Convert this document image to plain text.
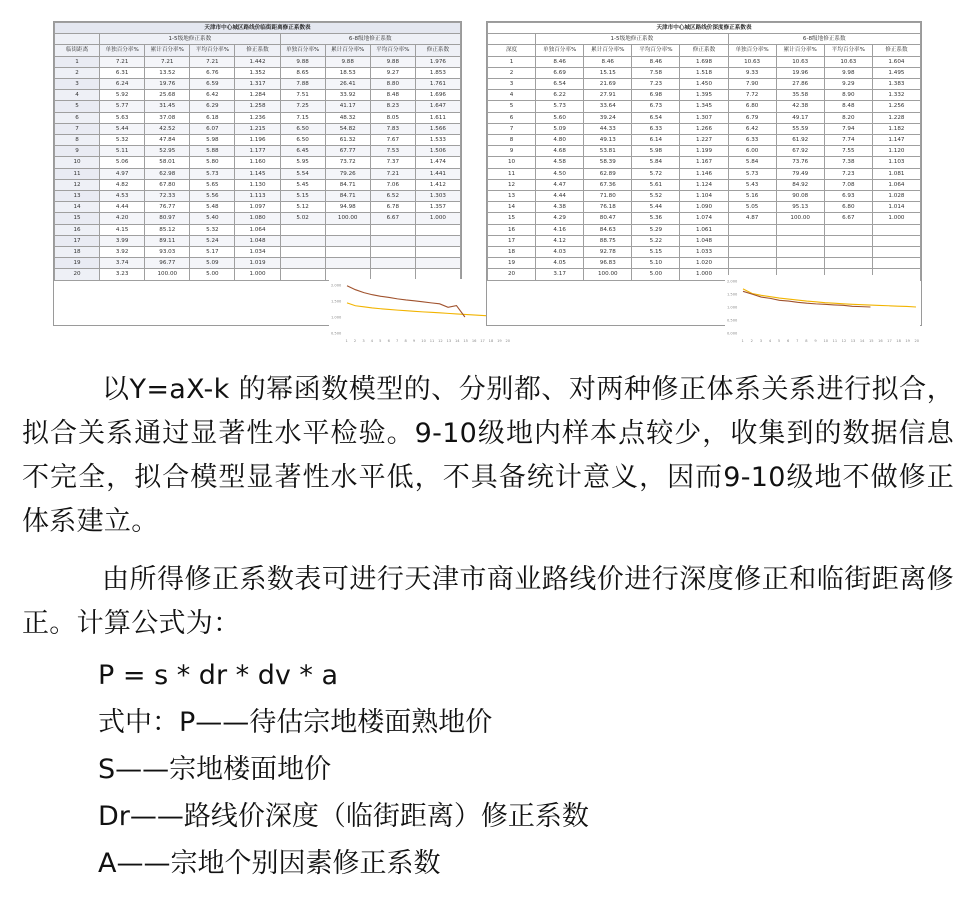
天津市中心城区路线价临街距离修正系数表								
	1-5级地修正系数				6-8级地修正系数			
临街距离	单独百分率%	累计百分率%	平均百分率%	修正系数	单独百分率%	累计百分率%	平均百分率%	修正系数
1	7.21	7.21	7.21	1.442	9.88	9.88	9.88	1.976
2	6.31	13.52	6.76	1.352	8.65	18.53	9.27	1.853
3	6.24	19.76	6.59	1.317	7.88	26.41	8.80	1.761
4	5.92	25.68	6.42	1.284	7.51	33.92	8.48	1.696
5	5.77	31.45	6.29	1.258	7.25	41.17	8.23	1.647
6	5.63	37.08	6.18	1.236	7.15	48.32	8.05	1.611
7	5.44	42.52	6.07	1.215	6.50	54.82	7.83	1.566
8	5.32	47.84	5.98	1.196	6.50	61.32	7.67	1.533
9	5.11	52.95	5.88	1.177	6.45	67.77	7.53	1.506
10	5.06	58.01	5.80	1.160	5.95	73.72	7.37	1.474
11	4.97	62.98	5.73	1.145	5.54	79.26	7.21	1.441
12	4.82	67.80	5.65	1.130	5.45	84.71	7.06	1.412
13	4.53	72.33	5.56	1.113	5.15	84.71	6.52	1.303
14	4.44	76.77	5.48	1.097	5.12	94.98	6.78	1.357
15	4.20	80.97	5.40	1.080	5.02	100.00	6.67	1.000
16	4.15	85.12	5.32	1.064				
17	3.99	89.11	5.24	1.048				
18	3.92	93.03	5.17	1.034				
19	3.74	96.77	5.09	1.019				
20	3.23	100.00	5.00	1.000				
2.000
1.500
1.000
0.500
1 2 3 4 5 6 7 8 9 10 11 12 13 14 15 16 17 18 19 20
天津市中心城区路线价深度修正系数表								
	1-5级地修正系数				6-8级地修正系数			
深度	单独百分率%	累计百分率%	平均百分率%	修正系数	单独百分率%	累计百分率%	平均百分率%	修正系数
1	8.46	8.46	8.46	1.698	10.63	10.63	10.63	1.604
2	6.69	15.15	7.58	1.518	9.33	19.96	9.98	1.495
3	6.54	21.69	7.23	1.450	7.90	27.86	9.29	1.383
4	6.22	27.91	6.98	1.395	7.72	35.58	8.90	1.332
5	5.73	33.64	6.73	1.345	6.80	42.38	8.48	1.256
6	5.60	39.24	6.54	1.307	6.79	49.17	8.20	1.228
7	5.09	44.33	6.33	1.266	6.42	55.59	7.94	1.182
8	4.80	49.13	6.14	1.227	6.33	61.92	7.74	1.147
9	4.68	53.81	5.98	1.199	6.00	67.92	7.55	1.120
10	4.58	58.39	5.84	1.167	5.84	73.76	7.38	1.103
11	4.50	62.89	5.72	1.146	5.73	79.49	7.23	1.081
12	4.47	67.36	5.61	1.124	5.43	84.92	7.08	1.064
13	4.44	71.80	5.52	1.104	5.16	90.08	6.93	1.028
14	4.38	76.18	5.44	1.090	5.05	95.13	6.80	1.014
15	4.29	80.47	5.36	1.074	4.87	100.00	6.67	1.000
16	4.16	84.63	5.29	1.061				
17	4.12	88.75	5.22	1.048				
18	4.03	92.78	5.15	1.033				
19	4.05	96.83	5.10	1.020				
20	3.17	100.00	5.00	1.000				
2.000
1.500
1.000
0.500
0.000
1 2 3 4 5 6 7 8 9 10 11 12 13 14 15 16 17 18 19 20

以Y=aX-k 的幂函数模型的、分别都、对两种修正体系关系进行拟合，拟合关系通过显著性水平检验。9-10级地内样本点较少，收集到的数据信息不完全，拟合模型显著性水平低，不具备统计意义，因而9-10级地不做修正体系建立。

由所得修正系数表可进行天津市商业路线价进行深度修正和临街距离修正。计算公式为：

P = s * dr * dv * a

式中：P——待估宗地楼面熟地价

S——宗地楼面地价

Dr——路线价深度（临街距离）修正系数

A——宗地个别因素修正系数
